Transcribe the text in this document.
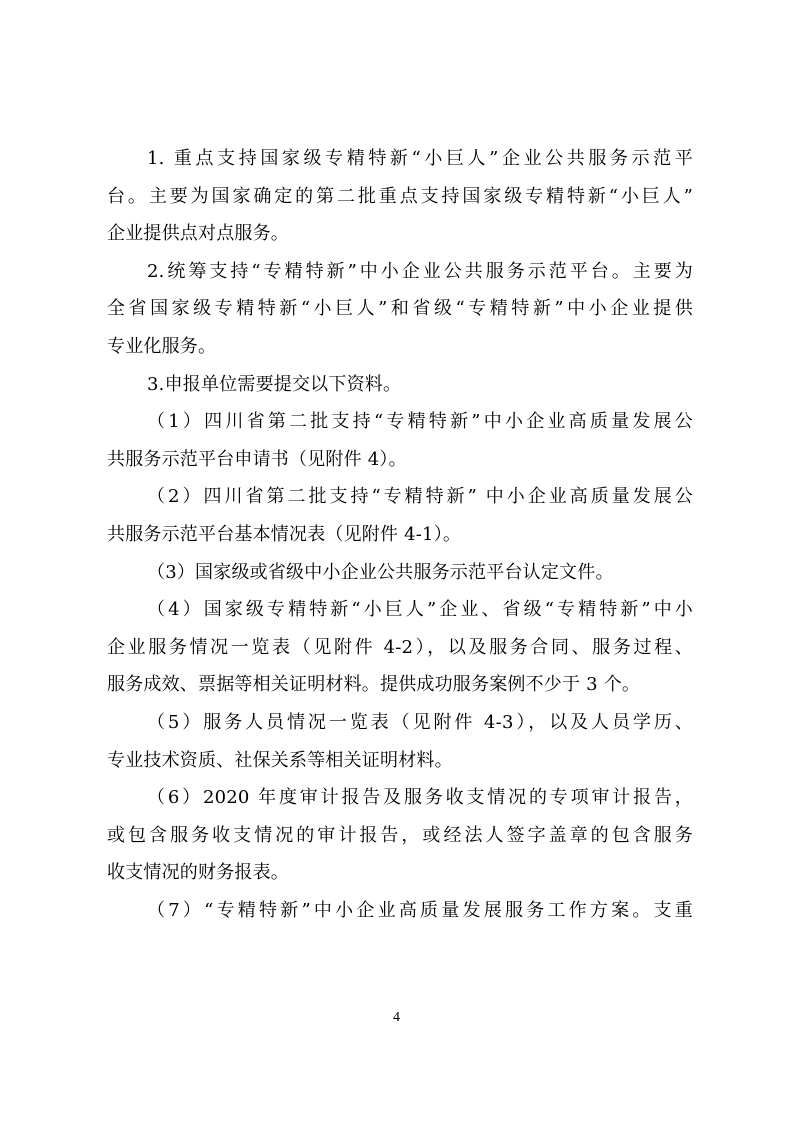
1. 重点支持国家级专精特新“小巨人”企业公共服务示范平
台。主要为国家确定的第二批重点支持国家级专精特新“小巨人”
企业提供点对点服务。
2.统筹支持“专精特新”中小企业公共服务示范平台。主要为
全省国家级专精特新“小巨人”和省级“专精特新”中小企业提供
专业化服务。
3.申报单位需要提交以下资料。
（1）四川省第二批支持“专精特新”中小企业高质量发展公
共服务示范平台申请书（见附件 4）。
（2）四川省第二批支持“专精特新” 中小企业高质量发展公
共服务示范平台基本情况表（见附件 4-1）。
（3）国家级或省级中小企业公共服务示范平台认定文件。
（4）国家级专精特新“小巨人”企业、省级“专精特新”中小
企业服务情况一览表（见附件 4-2），以及服务合同、服务过程、
服务成效、票据等相关证明材料。提供成功服务案例不少于 3 个。
（5）服务人员情况一览表（见附件 4-3），以及人员学历、
专业技术资质、社保关系等相关证明材料。
（6）2020 年度审计报告及服务收支情况的专项审计报告，
或包含服务收支情况的审计报告，或经法人签字盖章的包含服务
收支情况的财务报表。
（7）“专精特新”中小企业高质量发展服务工作方案。支重
4
